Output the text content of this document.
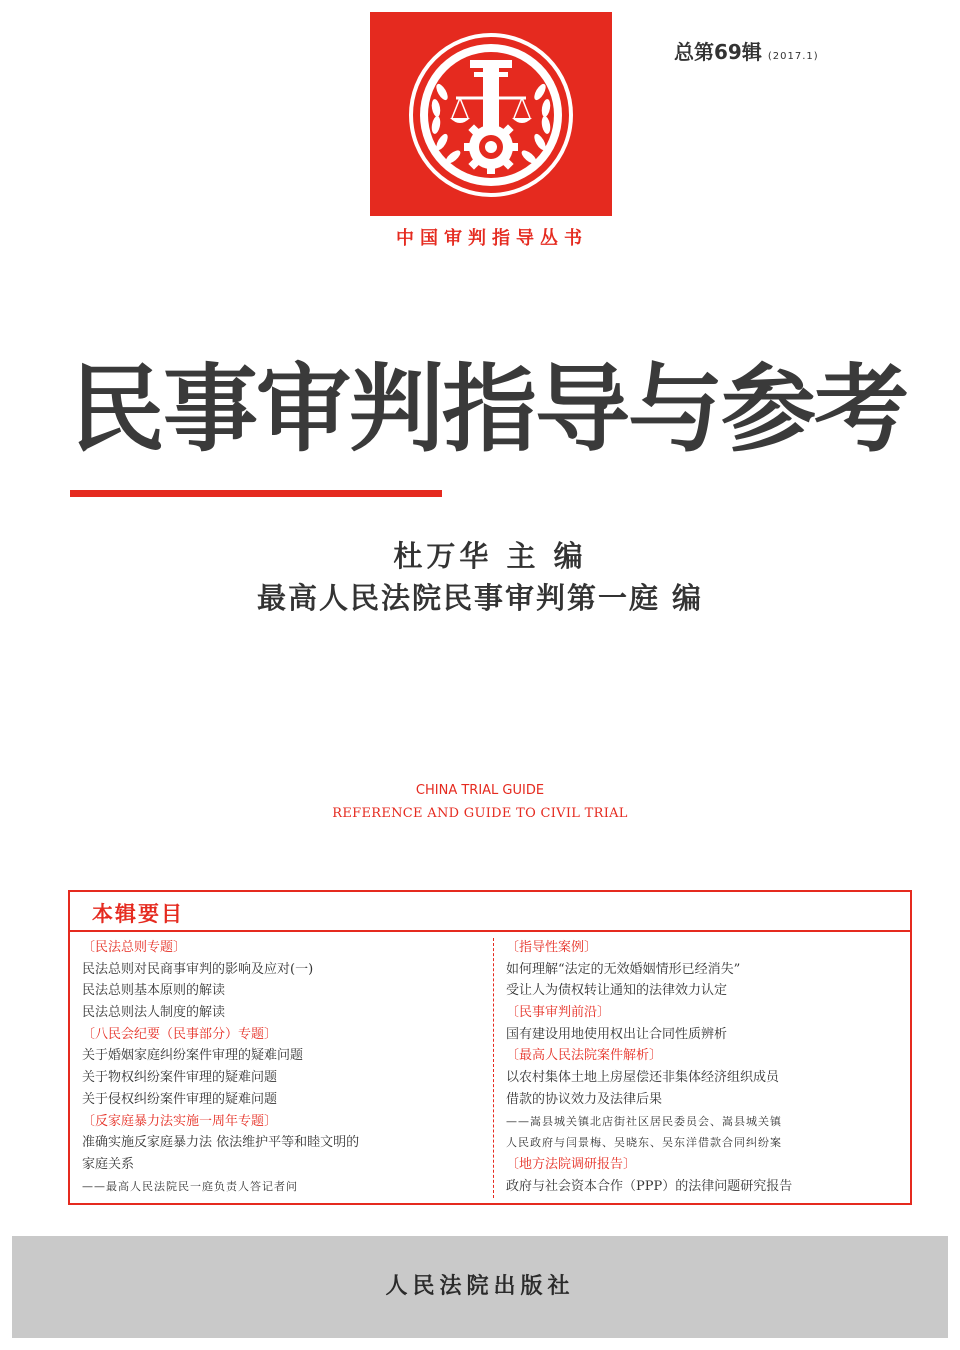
中国审判指导丛书
总第69辑 (2017.1)
民事审判指导与参考
杜万华 主 编
最高人民法院民事审判第一庭 编
CHINA TRIAL GUIDE
REFERENCE AND GUIDE TO CIVIL TRIAL
本辑要目
〔民法总则专题〕
民法总则对民商事审判的影响及应对(一)
民法总则基本原则的解读
民法总则法人制度的解读
〔八民会纪要（民事部分）专题〕
关于婚姻家庭纠纷案件审理的疑难问题
关于物权纠纷案件审理的疑难问题
关于侵权纠纷案件审理的疑难问题
〔反家庭暴力法实施一周年专题〕
准确实施反家庭暴力法 依法维护平等和睦文明的
家庭关系
——最高人民法院民一庭负责人答记者问
〔指导性案例〕
如何理解“法定的无效婚姻情形已经消失”
受让人为债权转让通知的法律效力认定
〔民事审判前沿〕
国有建设用地使用权出让合同性质辨析
〔最高人民法院案件解析〕
以农村集体土地上房屋偿还非集体经济组织成员
借款的协议效力及法律后果
——嵩县城关镇北店街社区居民委员会、嵩县城关镇
人民政府与闫景梅、吴晓东、吴东洋借款合同纠纷案
〔地方法院调研报告〕
政府与社会资本合作（PPP）的法律问题研究报告
人民法院出版社
